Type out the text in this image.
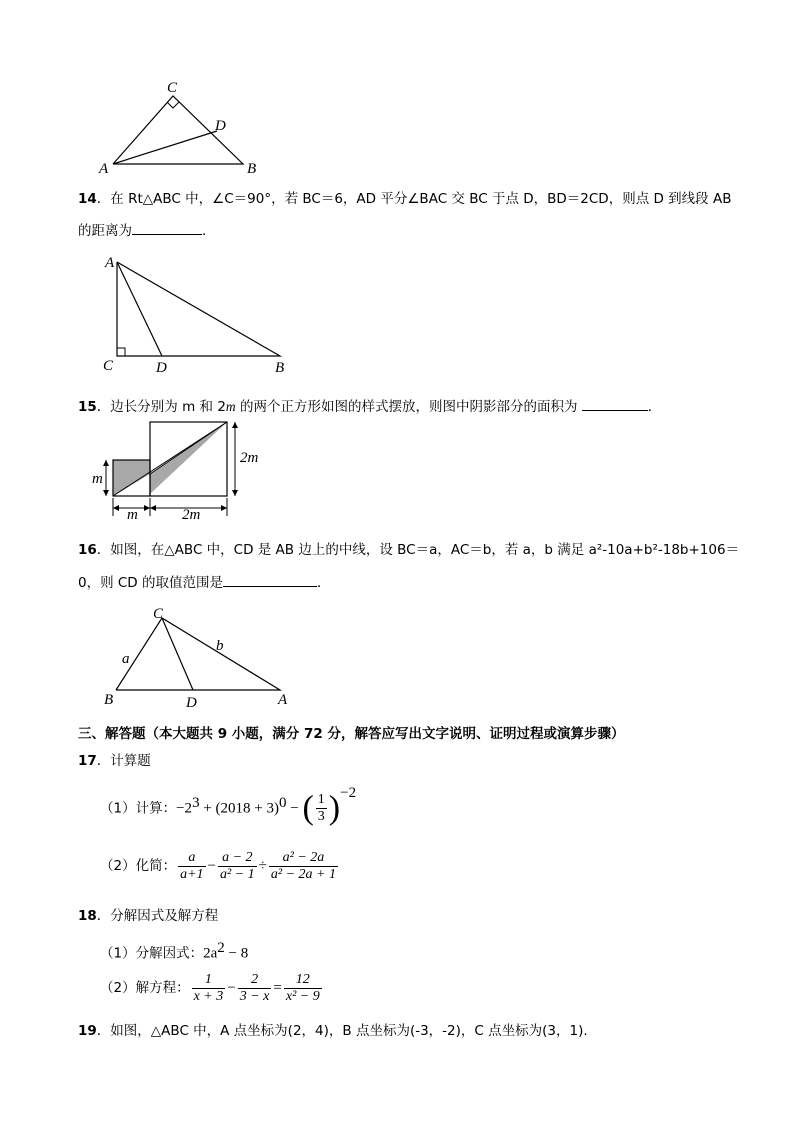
C
D
A	B
14．在 Rt△ABC 中，∠C＝90°，若 BC＝6，AD 平分∠BAC 交 BC 于点 D，BD＝2CD，则点 D 到线段 AB
的距离为	．
A
C	D	B
15．边长分别为 m 和 2m 的两个正方形如图的样式摆放，则图中阴影部分的面积为	．
m
m	2m
2m
16．如图，在△ABC 中，CD 是 AB 边上的中线，设 BC＝a，AC＝b，若 a，b 满足 a²-10a+b²-18b+106＝
0，则 CD 的取值范围是	．
C
a
b
B	D	A
三、解答题（本大题共 9 小题，满分 72 分，解答应写出文字说明、证明过程或演算步骤）
17．计算题
（1）计算：$-2^3 + (2018 + 3)^0$ − ( $\frac{1}{3} )^{-2}$
（2）化简： $\frac{a}{a+1} - \frac{a - 2}{\text{a² − 1}} \div \frac{\text{a² − 2a}}{\text{a² − 2a + 1}}$
18．分解因式及解方程
（1）分解因式：$2a^2 - 8$
（2）解方程： $\frac{1}{x + 3} - \frac{2}{3 - x} = \frac{12}{\text{x² − 9}}$
19．如图，△ABC 中，A 点坐标为(2，4)，B 点坐标为(-3，-2)，C 点坐标为(3，1).
